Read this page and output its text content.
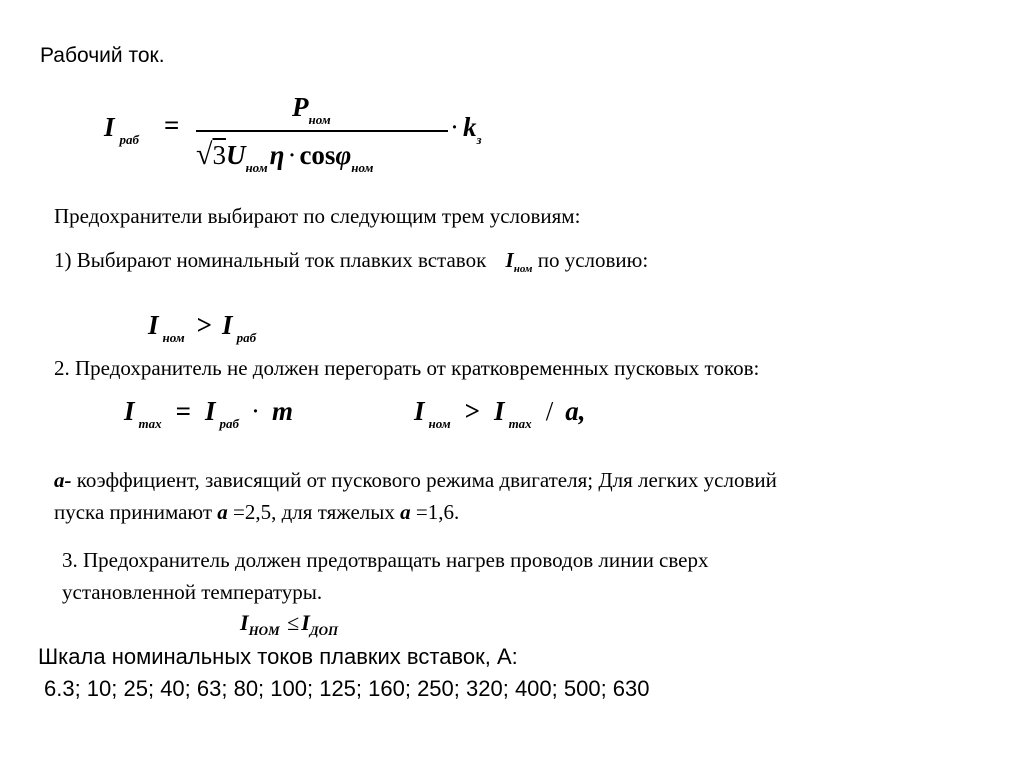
Рабочий ток.
I $_{раб}$ =
$P_{ном}$
$√3U_{ном}\eta \cdot \cos\varphi_{ном}$
· $k_з$
Предохранители выбирают по следующим трем условиям:
1) Выбирают номинальный ток плавких вставок $I_{ном}$ по условию:
I $_{ном}$ > I $_{раб}$
2. Предохранитель не должен перегорать от кратковременных пусковых токов:
I $_{max}$ = I $_{раб}$ · m	I $_{ном}$ > I $_{max}$ / a,
a- коэффициент, зависящий от пускового режима двигателя; Для легких условий
пуска принимают a =2,5, для тяжелых a =1,6.
3. Предохранитель должен предотвращать нагрев проводов линии сверх
установленной температуры.
$I_{НОМ} \le I_{ДОП}$
Шкала номинальных токов плавких вставок, А:
6.3; 10; 25; 40; 63; 80; 100; 125; 160; 250; 320; 400; 500; 630
